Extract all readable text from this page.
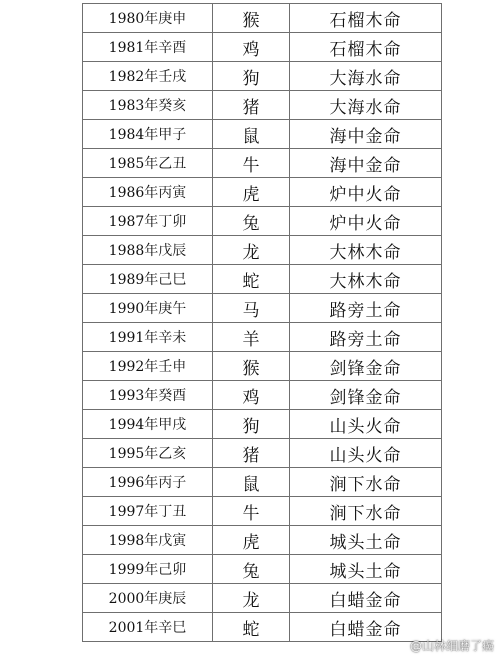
1980年庚申	猴	石榴木命
1981年辛酉	鸡	石榴木命
1982年壬戌	狗	大海水命
1983年癸亥	猪	大海水命
1984年甲子	鼠	海中金命
1985年乙丑	牛	海中金命
1986年丙寅	虎	炉中火命
1987年丁卯	兔	炉中火命
1988年戊辰	龙	大林木命
1989年己巳	蛇	大林木命
1990年庚午	马	路旁土命
1991年辛未	羊	路旁土命
1992年壬申	猴	剑锋金命
1993年癸酉	鸡	剑锋金命
1994年甲戌	狗	山头火命
1995年乙亥	猪	山头火命
1996年丙子	鼠	涧下水命
1997年丁丑	牛	涧下水命
1998年戊寅	虎	城头土命
1999年己卯	兔	城头土命
2000年庚辰	龙	白蜡金命
2001年辛巳	蛇	白蜡金命
@山林细磨了癌
